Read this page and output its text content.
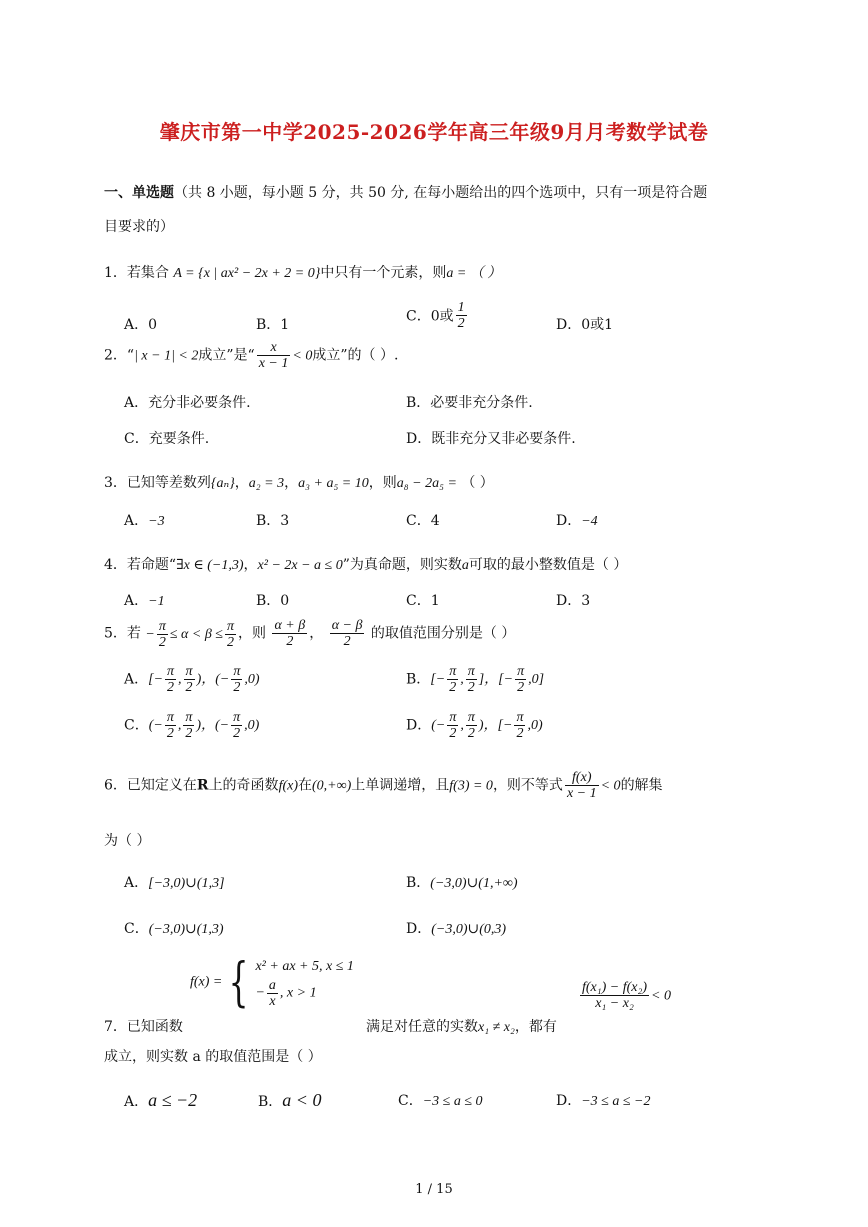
肇庆市第一中学2025-2026学年高三年级9月月考数学试卷
一、单选题（共 8 小题，每小题 5 分，共 50 分, 在每小题给出的四个选项中，只有一项是符合题
目要求的）
1．若集合 A = {x | ax² − 2x + 2 = 0}中只有一个元素，则a = （ ）
A．0	B．1
C．0或 $\frac{1}{2}$	D．0或1
2．“| x − 1| < 2成立”是“ $\frac{x}{x - 1} < 0$成立”的（ ）.
A．充分非必要条件.	B．必要非充分条件.
C．充要条件.	D．既非充分又非必要条件.
3．已知等差数列{aₙ}，a₂ = 3，a₃ + a₅ = 10，则a₈ − 2a₅ = （ ）
A．−3	B．3	C．4	D．−4
4．若命题“∃x ∈ (−1,3)，x² − 2x − a ≤ 0”为真命题，则实数a可取的最小整数值是（ ）
A．−1	B．0	C．1	D．3
5．若 − $\frac{\pi}{2} \le \alpha < \beta \le \frac{\pi}{2}$ ，则 $\frac{\alpha + \beta}{2}$ ， $\frac{\alpha - \beta}{2}$ 的取值范围分别是（ ）
A．[− $\frac{\pi}{2}$ , $\frac{\pi}{2}$ )，(− $\frac{\pi}{2} ,0$)	B．[− $\frac{\pi}{2}$ , $\frac{\pi}{2}$ ]，[− $\frac{\pi}{2} ,0$]
C．(− $\frac{\pi}{2}$ , $\frac{\pi}{2}$ )，(− $\frac{\pi}{2} ,0$)	D．(− $\frac{\pi}{2}$ , $\frac{\pi}{2}$ )，[− $\frac{\pi}{2} ,0$)
6．已知定义在R上的奇函数f(x)在(0,+∞)上单调递增，且f(3) = 0，则不等式 $\frac{f(x)}{x - 1} < 0$的解集
为（ ）
A．[−3,0)∪(1,3]	B．(−3,0)∪(1,+∞)
C．(−3,0)∪(1,3)	D．(−3,0)∪(0,3)
f(x) = { x² + ax + 5, x ≤ 1
− $\frac{a}{x}$ , x > 1	$\frac{\text{f(x₁) − f(x₂)}}{\text{x₁ − x₂}} < 0$
7．已知函数	满足对任意的实数x₁ ≠ x₂，都有
成立，则实数 a 的取值范围是（ ）
A．a ≤ −2	B．a < 0	C．−3 ≤ a ≤ 0	D．−3 ≤ a ≤ −2
1 / 15
